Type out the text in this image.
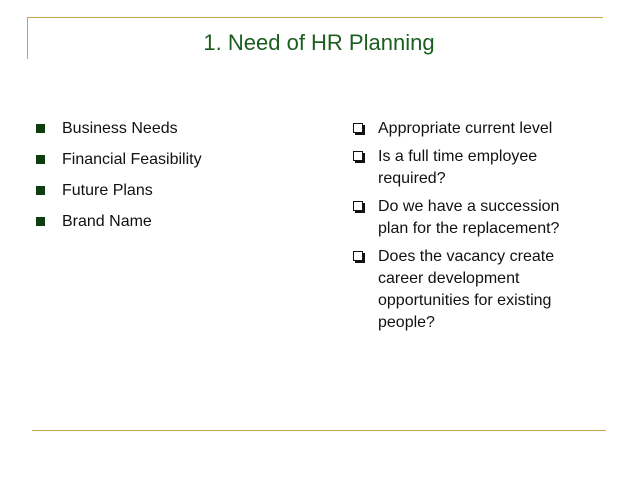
1. Need of HR Planning
Business Needs
Financial Feasibility
Future Plans
Brand Name
Appropriate current level
Is a full time employee required?
Do we have a succession plan for the replacement?
Does the vacancy create career development opportunities for existing people?
